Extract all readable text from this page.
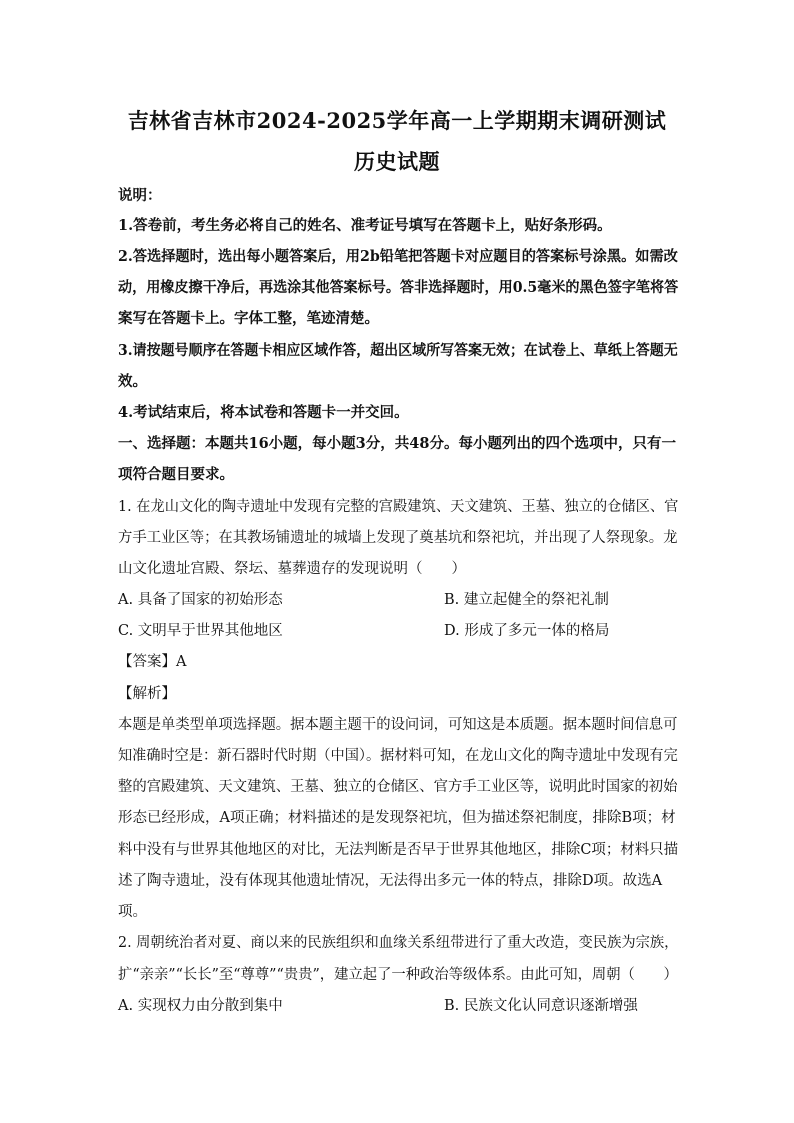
吉林省吉林市2024-2025学年高一上学期期末调研测试
历史试题
说明：
1.答卷前，考生务必将自己的姓名、准考证号填写在答题卡上，贴好条形码。
2.答选择题时，选出每小题答案后，用2b铅笔把答题卡对应题目的答案标号涂黑。如需改
动，用橡皮擦干净后，再选涂其他答案标号。答非选择题时，用0.5毫米的黑色签字笔将答
案写在答题卡上。字体工整，笔迹清楚。
3.请按题号顺序在答题卡相应区域作答，超出区域所写答案无效；在试卷上、草纸上答题无
效。
4.考试结束后，将本试卷和答题卡一并交回。
一、选择题：本题共16小题，每小题3分，共48分。每小题列出的四个选项中，只有一
项符合题目要求。
1. 在龙山文化的陶寺遗址中发现有完整的宫殿建筑、天文建筑、王墓、独立的仓储区、官
方手工业区等；在其教场铺遗址的城墙上发现了奠基坑和祭祀坑，并出现了人祭现象。龙
山文化遗址宫殿、祭坛、墓葬遗存的发现说明（　　）
A. 具备了国家的初始形态	B. 建立起健全的祭祀礼制
C. 文明早于世界其他地区	D. 形成了多元一体的格局
【答案】A
【解析】
本题是单类型单项选择题。据本题主题干的设问词，可知这是本质题。据本题时间信息可
知准确时空是：新石器时代时期（中国）。据材料可知，在龙山文化的陶寺遗址中发现有完
整的宫殿建筑、天文建筑、王墓、独立的仓储区、官方手工业区等，说明此时国家的初始
形态已经形成，A项正确；材料描述的是发现祭祀坑，但为描述祭祀制度，排除B项；材
料中没有与世界其他地区的对比，无法判断是否早于世界其他地区，排除C项；材料只描
述了陶寺遗址，没有体现其他遗址情况，无法得出多元一体的特点，排除D项。故选A
项。
2. 周朝统治者对夏、商以来的民族组织和血缘关系纽带进行了重大改造，变民族为宗族，
扩“亲亲”“长长”至“尊尊”“贵贵”，建立起了一种政治等级体系。由此可知，周朝（　　）
A. 实现权力由分散到集中	B. 民族文化认同意识逐渐增强
